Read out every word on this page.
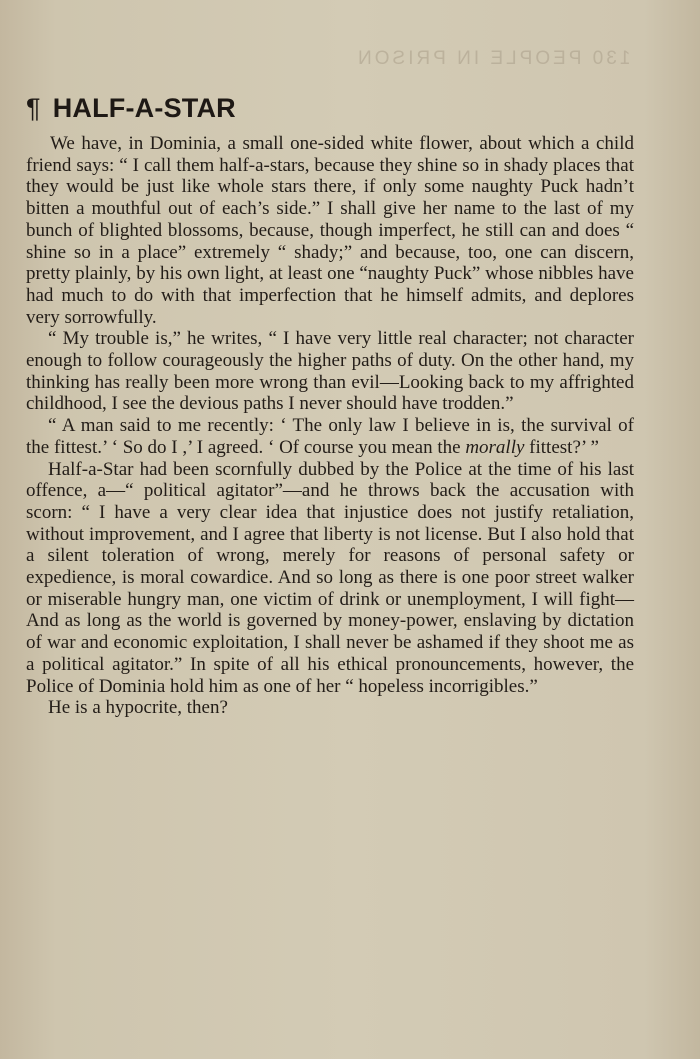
130 PEOPLE IN PRISON
¶ HALF-A-STAR

We have, in Dominia, a small one-sided white flower, about which a child friend says: “ I call them half-a-stars, because they shine so in shady places that they would be just like whole stars there, if only some naughty Puck hadn’t bitten a mouthful out of each’s side.” I shall give her name to the last of my bunch of blighted blossoms, because, though imperfect, he still can and does “ shine so in a place” extremely “ shady;” and because, too, one can discern, pretty plainly, by his own light, at least one “naughty Puck” whose nibbles have had much to do with that imperfection that he himself admits, and deplores very sorrowfully.

“ My trouble is,” he writes, “ I have very little real character; not character enough to follow courageously the higher paths of duty. On the other hand, my thinking has really been more wrong than evil—Looking back to my affrighted childhood, I see the devious paths I never should have trodden.”

“ A man said to me recently: ‘ The only law I believe in is, the survival of the fittest.’ ‘ So do I ,’ I agreed. ‘ Of course you mean the morally fittest?’ ”

Half-a-Star had been scornfully dubbed by the Police at the time of his last offence, a—“ political agitator”—and he throws back the accusation with scorn: “ I have a very clear idea that injustice does not justify retaliation, without improvement, and I agree that liberty is not license. But I also hold that a silent toleration of wrong, merely for reasons of personal safety or expedience, is moral cowardice. And so long as there is one poor street walker or miserable hungry man, one victim of drink or unemployment, I will fight—And as long as the world is governed by money-power, enslaving by dictation of war and economic exploitation, I shall never be ashamed if they shoot me as a political agitator.” In spite of all his ethical pronouncements, however, the Police of Dominia hold him as one of her “ hopeless incorrigibles.”

He is a hypocrite, then?
